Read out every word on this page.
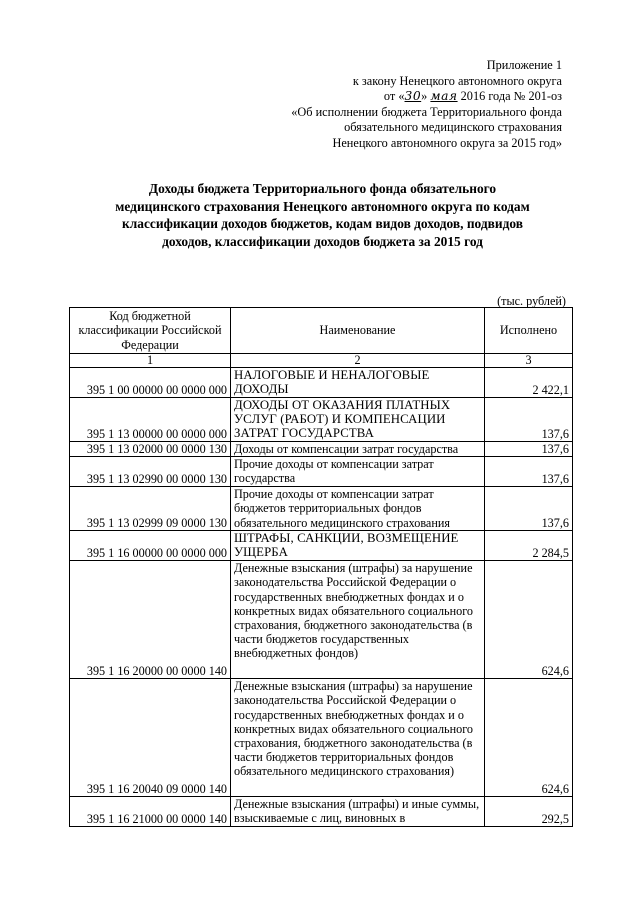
Приложение 1
к закону Ненецкого автономного округа
от «30» мая 2016 года № 201-оз
«Об исполнении бюджета Территориального фонда
обязательного медицинского страхования
Ненецкого автономного округа за 2015 год»
Доходы бюджета Территориального фонда обязательного
медицинского страхования Ненецкого автономного округа по кодам
классификации доходов бюджетов, кодам видов доходов, подвидов
доходов, классификации доходов бюджета за 2015 год
(тыс. рублей)
Код бюджетной классификации Российской Федерации	Наименование	Исполнено
1	2	3
395 1 00 00000 00 0000 000	НАЛОГОВЫЕ И НЕНАЛОГОВЫЕ ДОХОДЫ	2 422,1
395 1 13 00000 00 0000 000	ДОХОДЫ ОТ ОКАЗАНИЯ ПЛАТНЫХ УСЛУГ (РАБОТ) И КОМПЕНСАЦИИ ЗАТРАТ ГОСУДАРСТВА	137,6
395 1 13 02000 00 0000 130	Доходы от компенсации затрат государства	137,6
395 1 13 02990 00 0000 130	Прочие доходы от компенсации затрат государства	137,6
395 1 13 02999 09 0000 130	Прочие доходы от компенсации затрат бюджетов территориальных фондов обязательного медицинского страхования	137,6
395 1 16 00000 00 0000 000	ШТРАФЫ, САНКЦИИ, ВОЗМЕЩЕНИЕ УЩЕРБА	2 284,5
395 1 16 20000 00 0000 140	Денежные взыскания (штрафы) за нарушение законодательства Российской Федерации о государственных внебюджетных фондах и о конкретных видах обязательного социального страхования, бюджетного законодательства (в части бюджетов государственных внебюджетных фондов)	624,6
395 1 16 20040 09 0000 140	Денежные взыскания (штрафы) за нарушение законодательства Российской Федерации о государственных внебюджетных фондах и о конкретных видах обязательного социального страхования, бюджетного законодательства (в части бюджетов территориальных фондов обязательного медицинского страхования)	624,6
395 1 16 21000 00 0000 140	Денежные взыскания (штрафы) и иные суммы, взыскиваемые с лиц, виновных в	292,5
